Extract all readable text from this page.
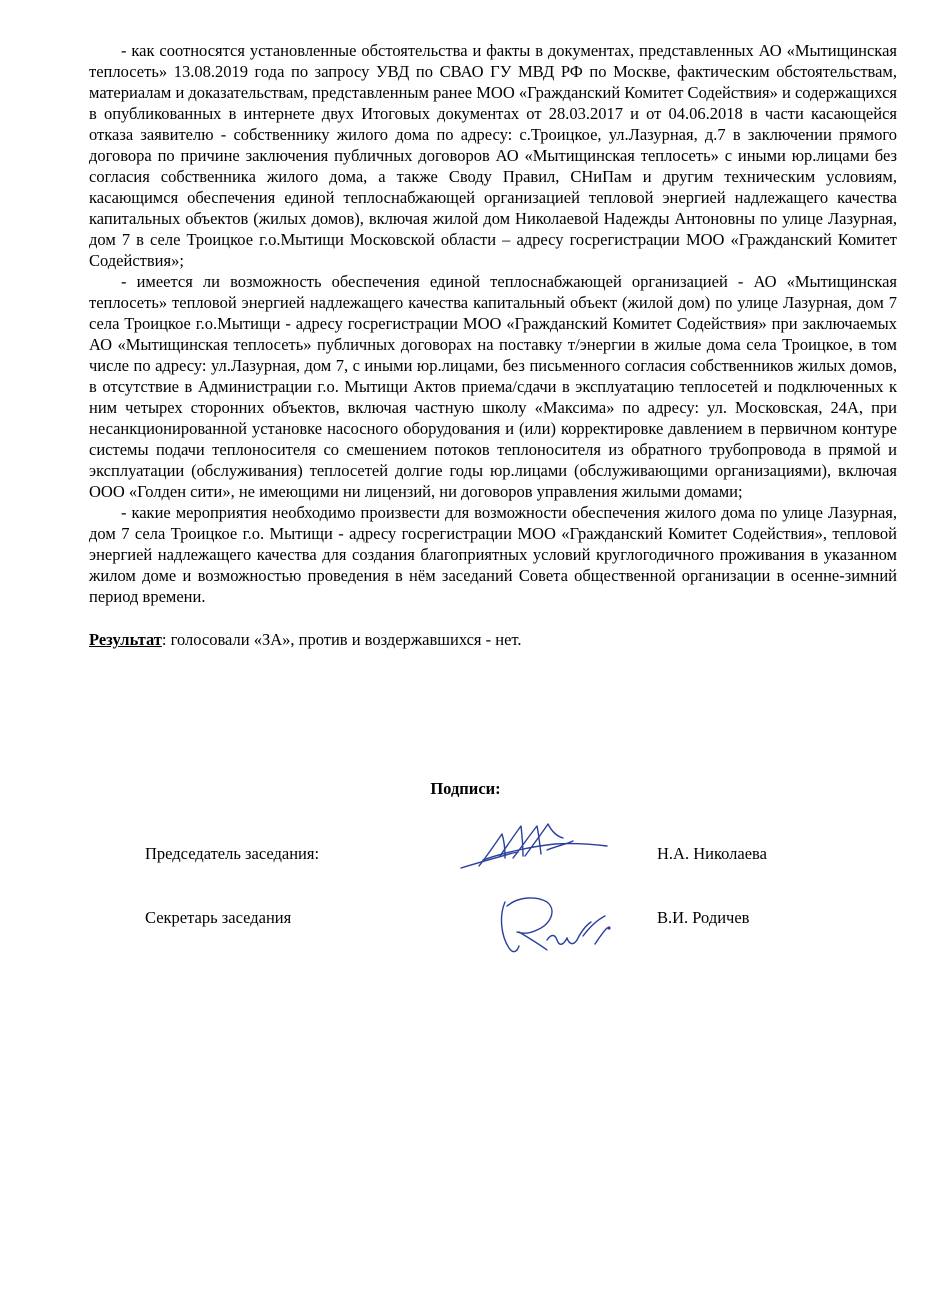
- как соотносятся установленные обстоятельства и факты в документах, представленных АО «Мытищинская теплосеть» 13.08.2019 года по запросу УВД по СВАО ГУ МВД РФ по Москве, фактическим обстоятельствам, материалам и доказательствам, представленным ранее МОО «Гражданский Комитет Содействия» и содержащихся в опубликованных в интернете двух Итоговых документах от 28.03.2017 и от 04.06.2018 в части касающейся отказа заявителю - собственнику жилого дома по адресу: с.Троицкое, ул.Лазурная, д.7 в заключении прямого договора по причине заключения публичных договоров АО «Мытищинская теплосеть» с иными юр.лицами без согласия собственника жилого дома, а также Своду Правил, СНиПам и другим техническим условиям, касающимся обеспечения единой теплоснабжающей организацией тепловой энергией надлежащего качества капитальных объектов (жилых домов), включая жилой дом Николаевой Надежды Антоновны по улице Лазурная, дом 7 в селе Троицкое г.о.Мытищи Московской области – адресу госрегистрации МОО «Гражданский Комитет Содействия»;

- имеется ли возможность обеспечения единой теплоснабжающей организацией - АО «Мытищинская теплосеть» тепловой энергией надлежащего качества капитальный объект (жилой дом) по улице Лазурная, дом 7 села Троицкое г.о.Мытищи - адресу госрегистрации МОО «Гражданский Комитет Содействия» при заключаемых АО «Мытищинская теплосеть» публичных договорах на поставку т/энергии в жилые дома села Троицкое, в том числе по адресу: ул.Лазурная, дом 7, с иными юр.лицами, без письменного согласия собственников жилых домов, в отсутствие в Администрации г.о. Мытищи Актов приема/сдачи в эксплуатацию теплосетей и подключенных к ним четырех сторонних объектов, включая частную школу «Максима» по адресу: ул. Московская, 24А, при несанкционированной установке насосного оборудования и (или) корректировке давлением в первичном контуре системы подачи теплоносителя со смешением потоков теплоносителя из обратного трубопровода в прямой и эксплуатации (обслуживания) теплосетей долгие годы юр.лицами (обслуживающими организациями), включая ООО «Голден сити», не имеющими ни лицензий, ни договоров управления жилыми домами;

- какие мероприятия необходимо произвести для возможности обеспечения жилого дома по улице Лазурная, дом 7 села Троицкое г.о. Мытищи - адресу госрегистрации МОО «Гражданский Комитет Содействия», тепловой энергией надлежащего качества для создания благоприятных условий круглогодичного проживания в указанном жилом доме и возможностью проведения в нём заседаний Совета общественной организации в осенне-зимний период времени.

Результат: голосовали «ЗА», против и воздержавшихся - нет.

Подписи:
Председатель заседания:	Н.А. Николаева
Секретарь заседания	В.И. Родичев
